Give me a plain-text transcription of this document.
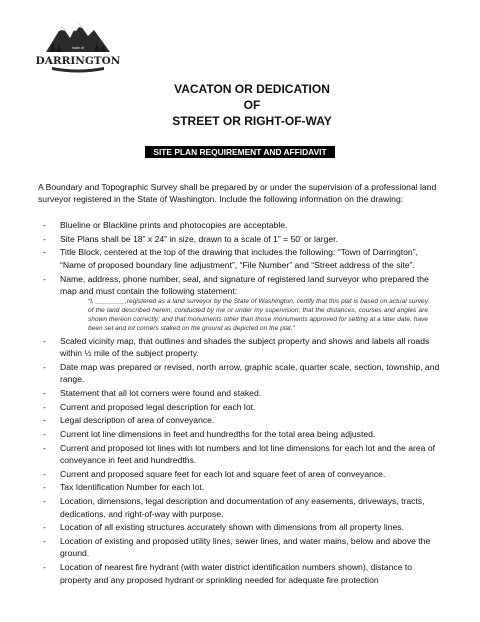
town of
DARRINGTON
VACATON OR DEDICATION
OF
STREET OR RIGHT-OF-WAY
SITE PLAN REQUIREMENT AND AFFIDAVIT
A Boundary and Topographic Survey shall be prepared by or under the supervision of a professional land surveyor registered in the State of Washington. Include the following information on the drawing:
- Blueline or Blackline prints and photocopies are acceptable.
- Site Plans shall be 18” x 24” in size, drawn to a scale of 1” = 50’ or larger.
- Title Block, centered at the top of the drawing that includes the following: “Town of Darrington”, “Name of proposed boundary line adjustment”, “File Number” and “Street address of the site”.
- Name, address, phone number, seal, and signature of registered land surveyor who prepared the map and must contain the following statement:
“I, ________,registered as a land surveyor by the State of Washington, certify that this plat is based on actual survey of the land described herein, conducted by me or under my supervision; that the distances, courses and angles are shown thereon correctly; and that monuments other than those monuments approved for setting at a later date, have been set and lot corners staked on the ground as depicted on the plat.”
- Scaled vicinity map, that outlines and shades the subject property and shows and labels all roads within ½ mile of the subject property.
- Date map was prepared or revised, north arrow, graphic scale, quarter scale, section, township, and range.
- Statement that all lot corners were found and staked.
- Current and proposed legal description for each lot.
- Legal description of area of conveyance.
- Current lot line dimensions in feet and hundredths for the total area being adjusted.
- Current and proposed lot lines with lot numbers and lot line dimensions for each lot and the area of conveyance in feet and hundredths.
- Current and proposed square feet for each lot and square feet of area of conveyance.
- Tax Identification Number for each lot.
- Location, dimensions, legal description and documentation of any easements, driveways, tracts, dedications, and right-of-way with purpose.
- Location of all existing structures accurately shown with dimensions from all property lines.
- Location of existing and proposed utility lines, sewer lines, and water mains, below and above the ground.
- Location of nearest fire hydrant (with water district identification numbers shown), distance to property and any proposed hydrant or sprinkling needed for adequate fire protection
